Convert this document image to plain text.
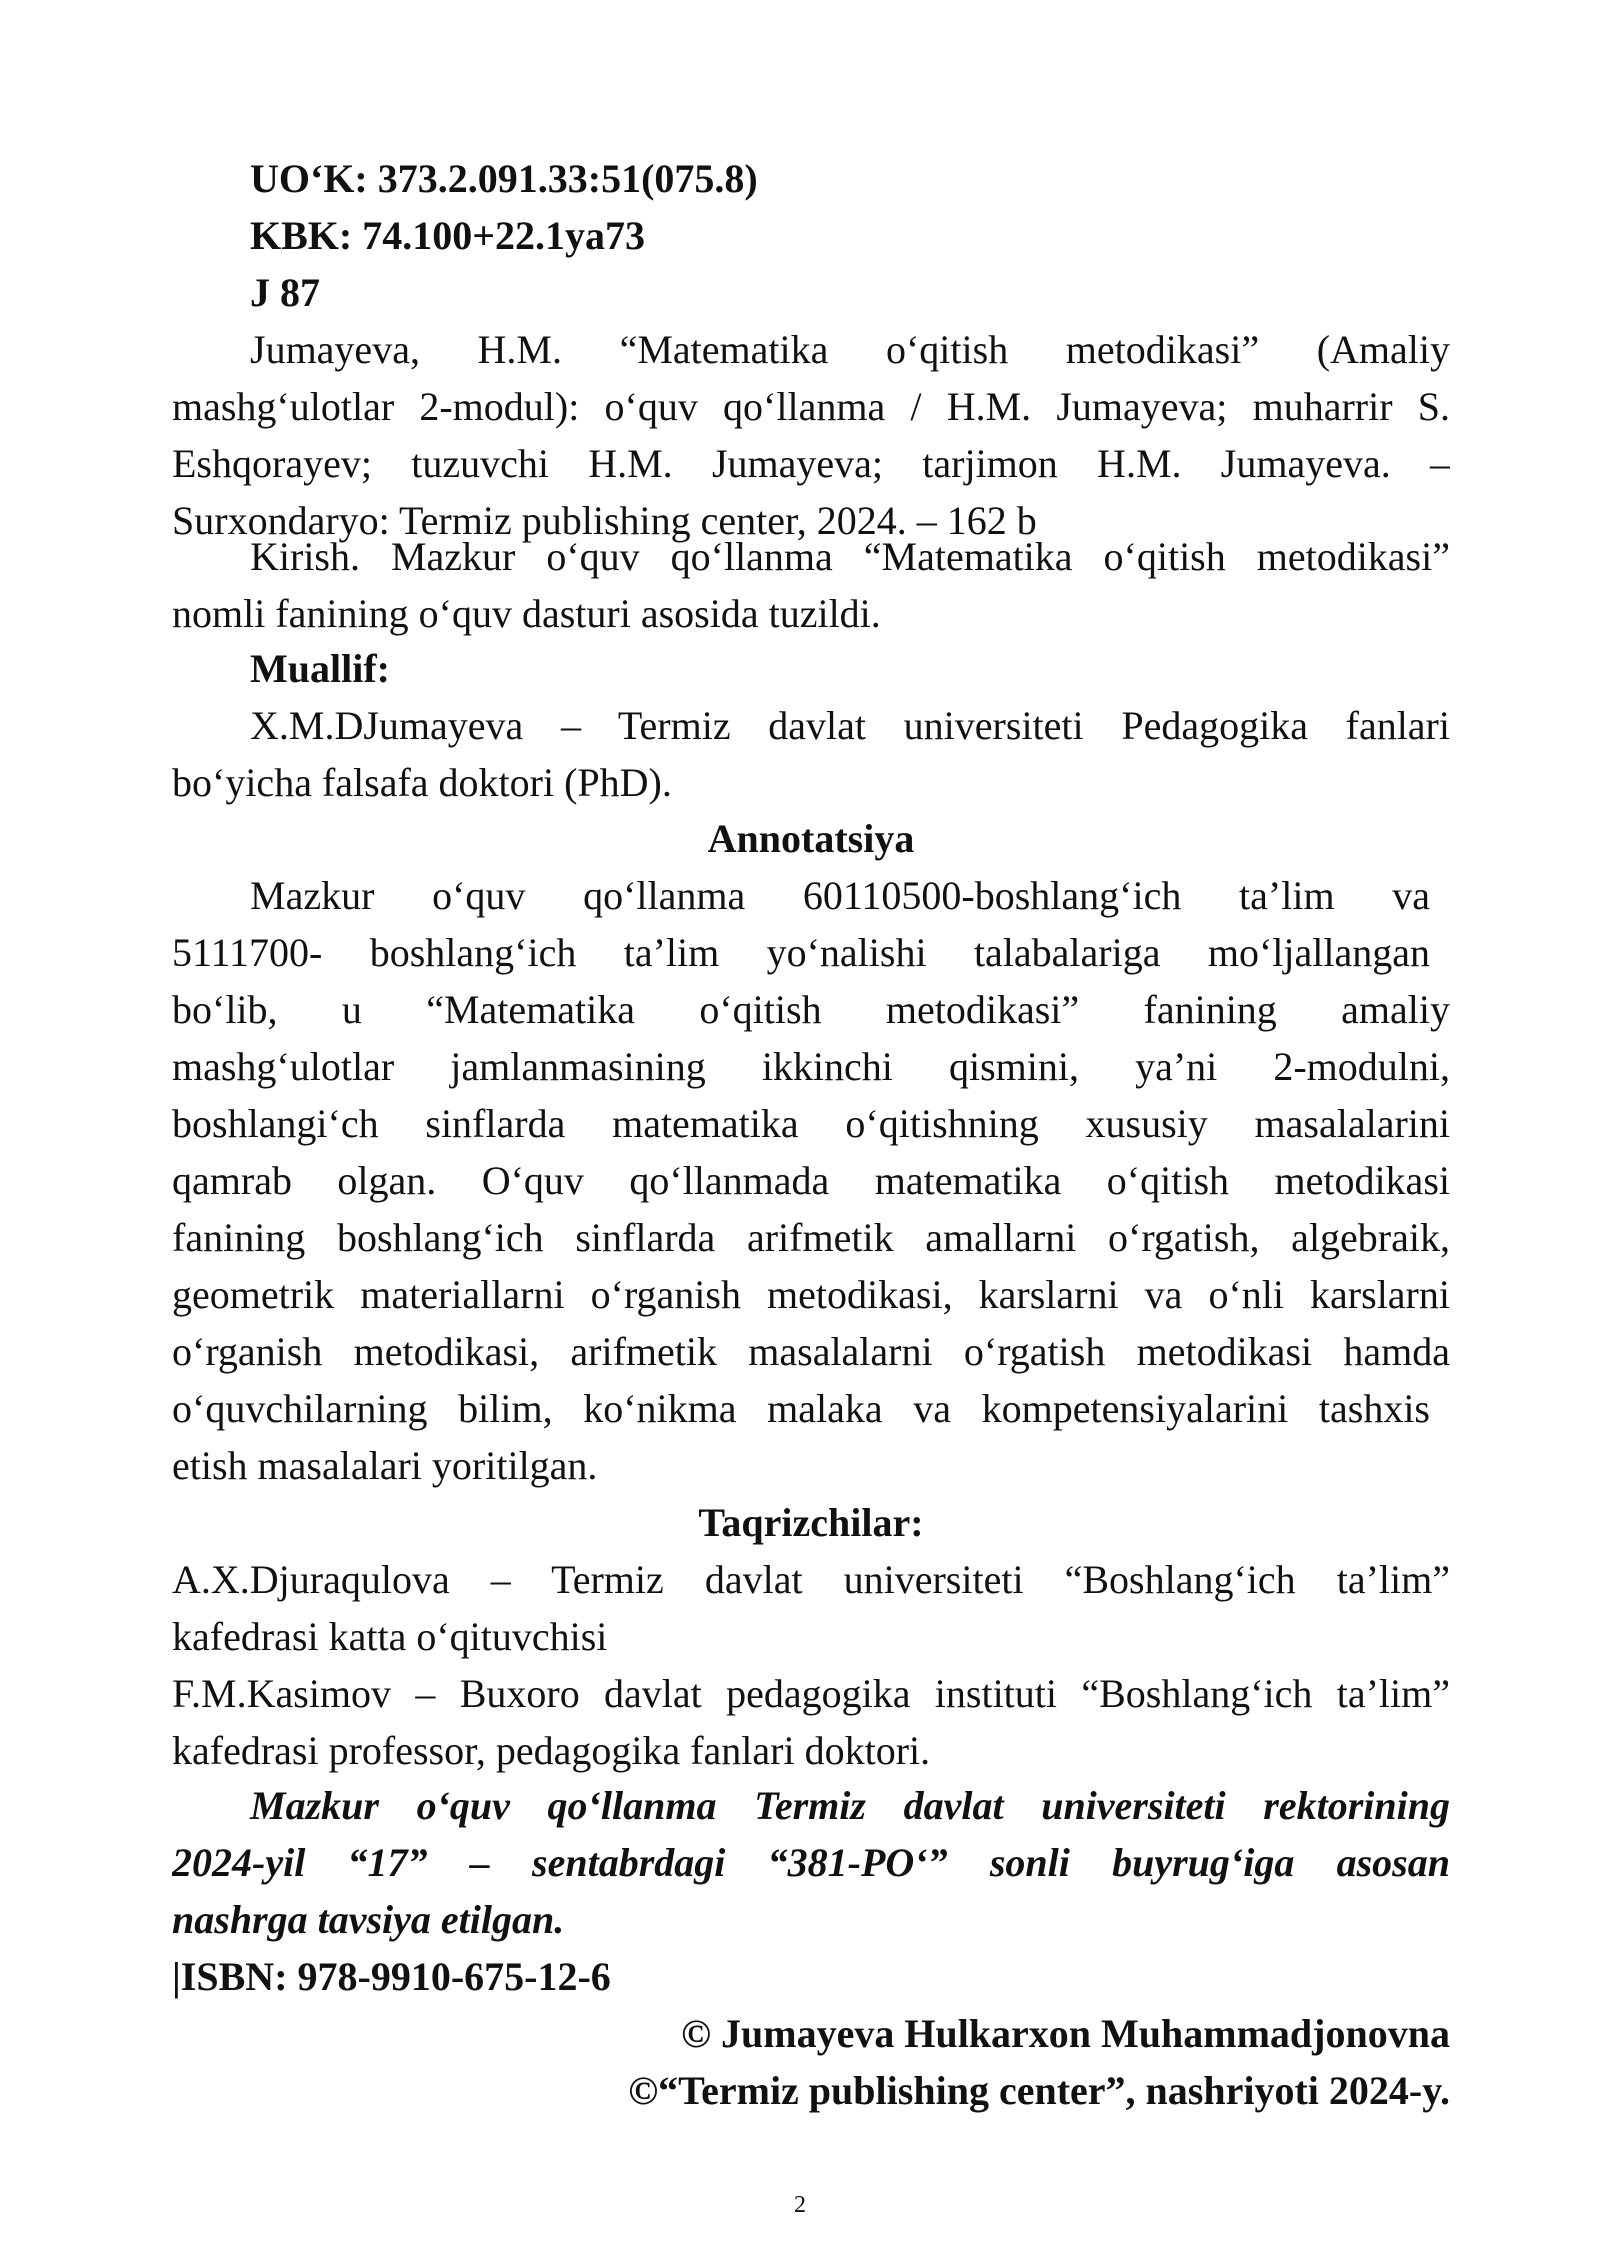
UO‘K: 373.2.091.33:51(075.8)
KBK: 74.100+22.1ya73
J 87
Jumayeva, H.M. “Matematika o‘qitish metodikasi” (Amaliy
mashg‘ulotlar 2-modul): o‘quv qo‘llanma / H.M. Jumayeva; muharrir S.
Eshqorayev; tuzuvchi H.M. Jumayeva; tarjimon H.M. Jumayeva. –
Surxondaryo: Termiz publishing center, 2024. – 162 b
Kirish. Mazkur o‘quv qo‘llanma “Matematika o‘qitish metodikasi”
nomli fanining o‘quv dasturi asosida tuzildi.
Muallif:
X.M.DJumayeva – Termiz davlat universiteti Pedagogika fanlari
bo‘yicha falsafa doktori (PhD).
Annotatsiya
Mazkur o‘quv qo‘llanma 60110500-boshlang‘ich ta’lim va
5111700- boshlang‘ich ta’lim yo‘nalishi talabalariga mo‘ljallangan
bo‘lib, u “Matematika o‘qitish metodikasi” fanining amaliy
mashg‘ulotlar jamlanmasining ikkinchi qismini, ya’ni 2-modulni,
boshlangi‘ch sinflarda matematika o‘qitishning xususiy masalalarini
qamrab olgan. O‘quv qo‘llanmada matematika o‘qitish metodikasi
fanining boshlang‘ich sinflarda arifmetik amallarni o‘rgatish, algebraik,
geometrik materiallarni o‘rganish metodikasi, karslarni va o‘nli karslarni
o‘rganish metodikasi, arifmetik masalalarni o‘rgatish metodikasi hamda
o‘quvchilarning bilim, ko‘nikma malaka va kompetensiyalarini tashxis
etish masalalari yoritilgan.
Taqrizchilar:
A.X.Djuraqulova – Termiz davlat universiteti “Boshlang‘ich ta’lim”
kafedrasi katta o‘qituvchisi
F.M.Kasimov – Buxoro davlat pedagogika instituti “Boshlang‘ich ta’lim”
kafedrasi professor, pedagogika fanlari doktori.
Mazkur o‘quv qo‘llanma Termiz davlat universiteti rektorining
2024-yil “17” – sentabrdagi “381-PO‘” sonli buyrug‘iga asosan
nashrga tavsiya etilgan.
|ISBN: 978-9910-675-12-6
© Jumayeva Hulkarxon Muhammadjonovna
©“Termiz publishing center”, nashriyoti 2024-y.
2
